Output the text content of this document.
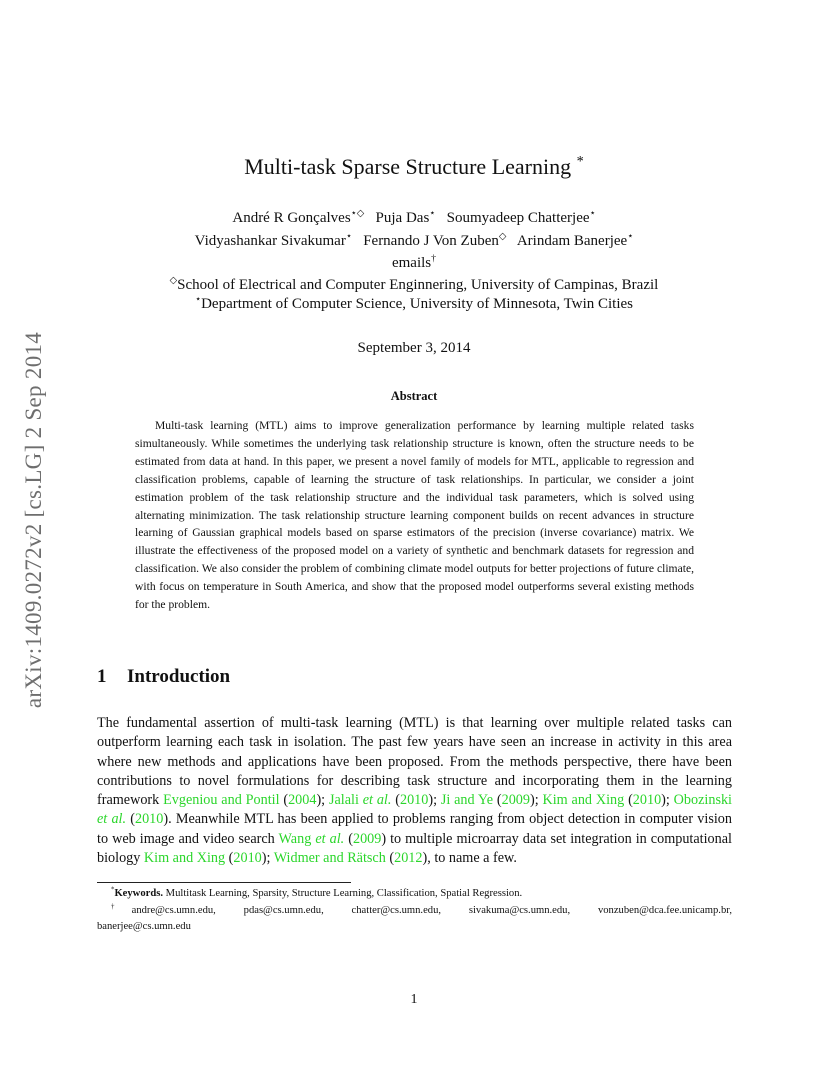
arXiv:1409.0272v2 [cs.LG] 2 Sep 2014
Multi-task Sparse Structure Learning *
André R Gonçalves⋆◇ Puja Das⋆ Soumyadeep Chatterjee⋆
Vidyashankar Sivakumar⋆ Fernando J Von Zuben◇ Arindam Banerjee⋆
emails†
◇School of Electrical and Computer Enginnering, University of Campinas, Brazil
⋆Department of Computer Science, University of Minnesota, Twin Cities
September 3, 2014
Abstract
Multi-task learning (MTL) aims to improve generalization performance by learning multiple related tasks simultaneously. While sometimes the underlying task relationship structure is known, often the structure needs to be estimated from data at hand. In this paper, we present a novel family of models for MTL, applicable to regression and classification problems, capable of learning the structure of task relationships. In particular, we consider a joint estimation problem of the task relationship structure and the individual task parameters, which is solved using alternating minimization. The task relationship structure learning component builds on recent advances in structure learning of Gaussian graphical models based on sparse estimators of the precision (inverse covariance) matrix. We illustrate the effectiveness of the proposed model on a variety of synthetic and benchmark datasets for regression and classification. We also consider the problem of combining climate model outputs for better projections of future climate, with focus on temperature in South America, and show that the proposed model outperforms several existing methods for the problem.
1 Introduction
The fundamental assertion of multi-task learning (MTL) is that learning over multiple related tasks can outperform learning each task in isolation. The past few years have seen an increase in activity in this area where new methods and applications have been proposed. From the methods perspective, there have been contributions to novel formulations for describing task structure and incorporating them in the learning framework Evgeniou and Pontil (2004); Jalali et al. (2010); Ji and Ye (2009); Kim and Xing (2010); Obozinski et al. (2010). Meanwhile MTL has been applied to problems ranging from object detection in computer vision to web image and video search Wang et al. (2009) to multiple microarray data set integration in computational biology Kim and Xing (2010); Widmer and Rätsch (2012), to name a few.
*Keywords. Multitask Learning, Sparsity, Structure Learning, Classification, Spatial Regression.
†andre@cs.umn.edu, pdas@cs.umn.edu, chatter@cs.umn.edu, sivakuma@cs.umn.edu, vonzuben@dca.fee.unicamp.br, banerjee@cs.umn.edu
1
